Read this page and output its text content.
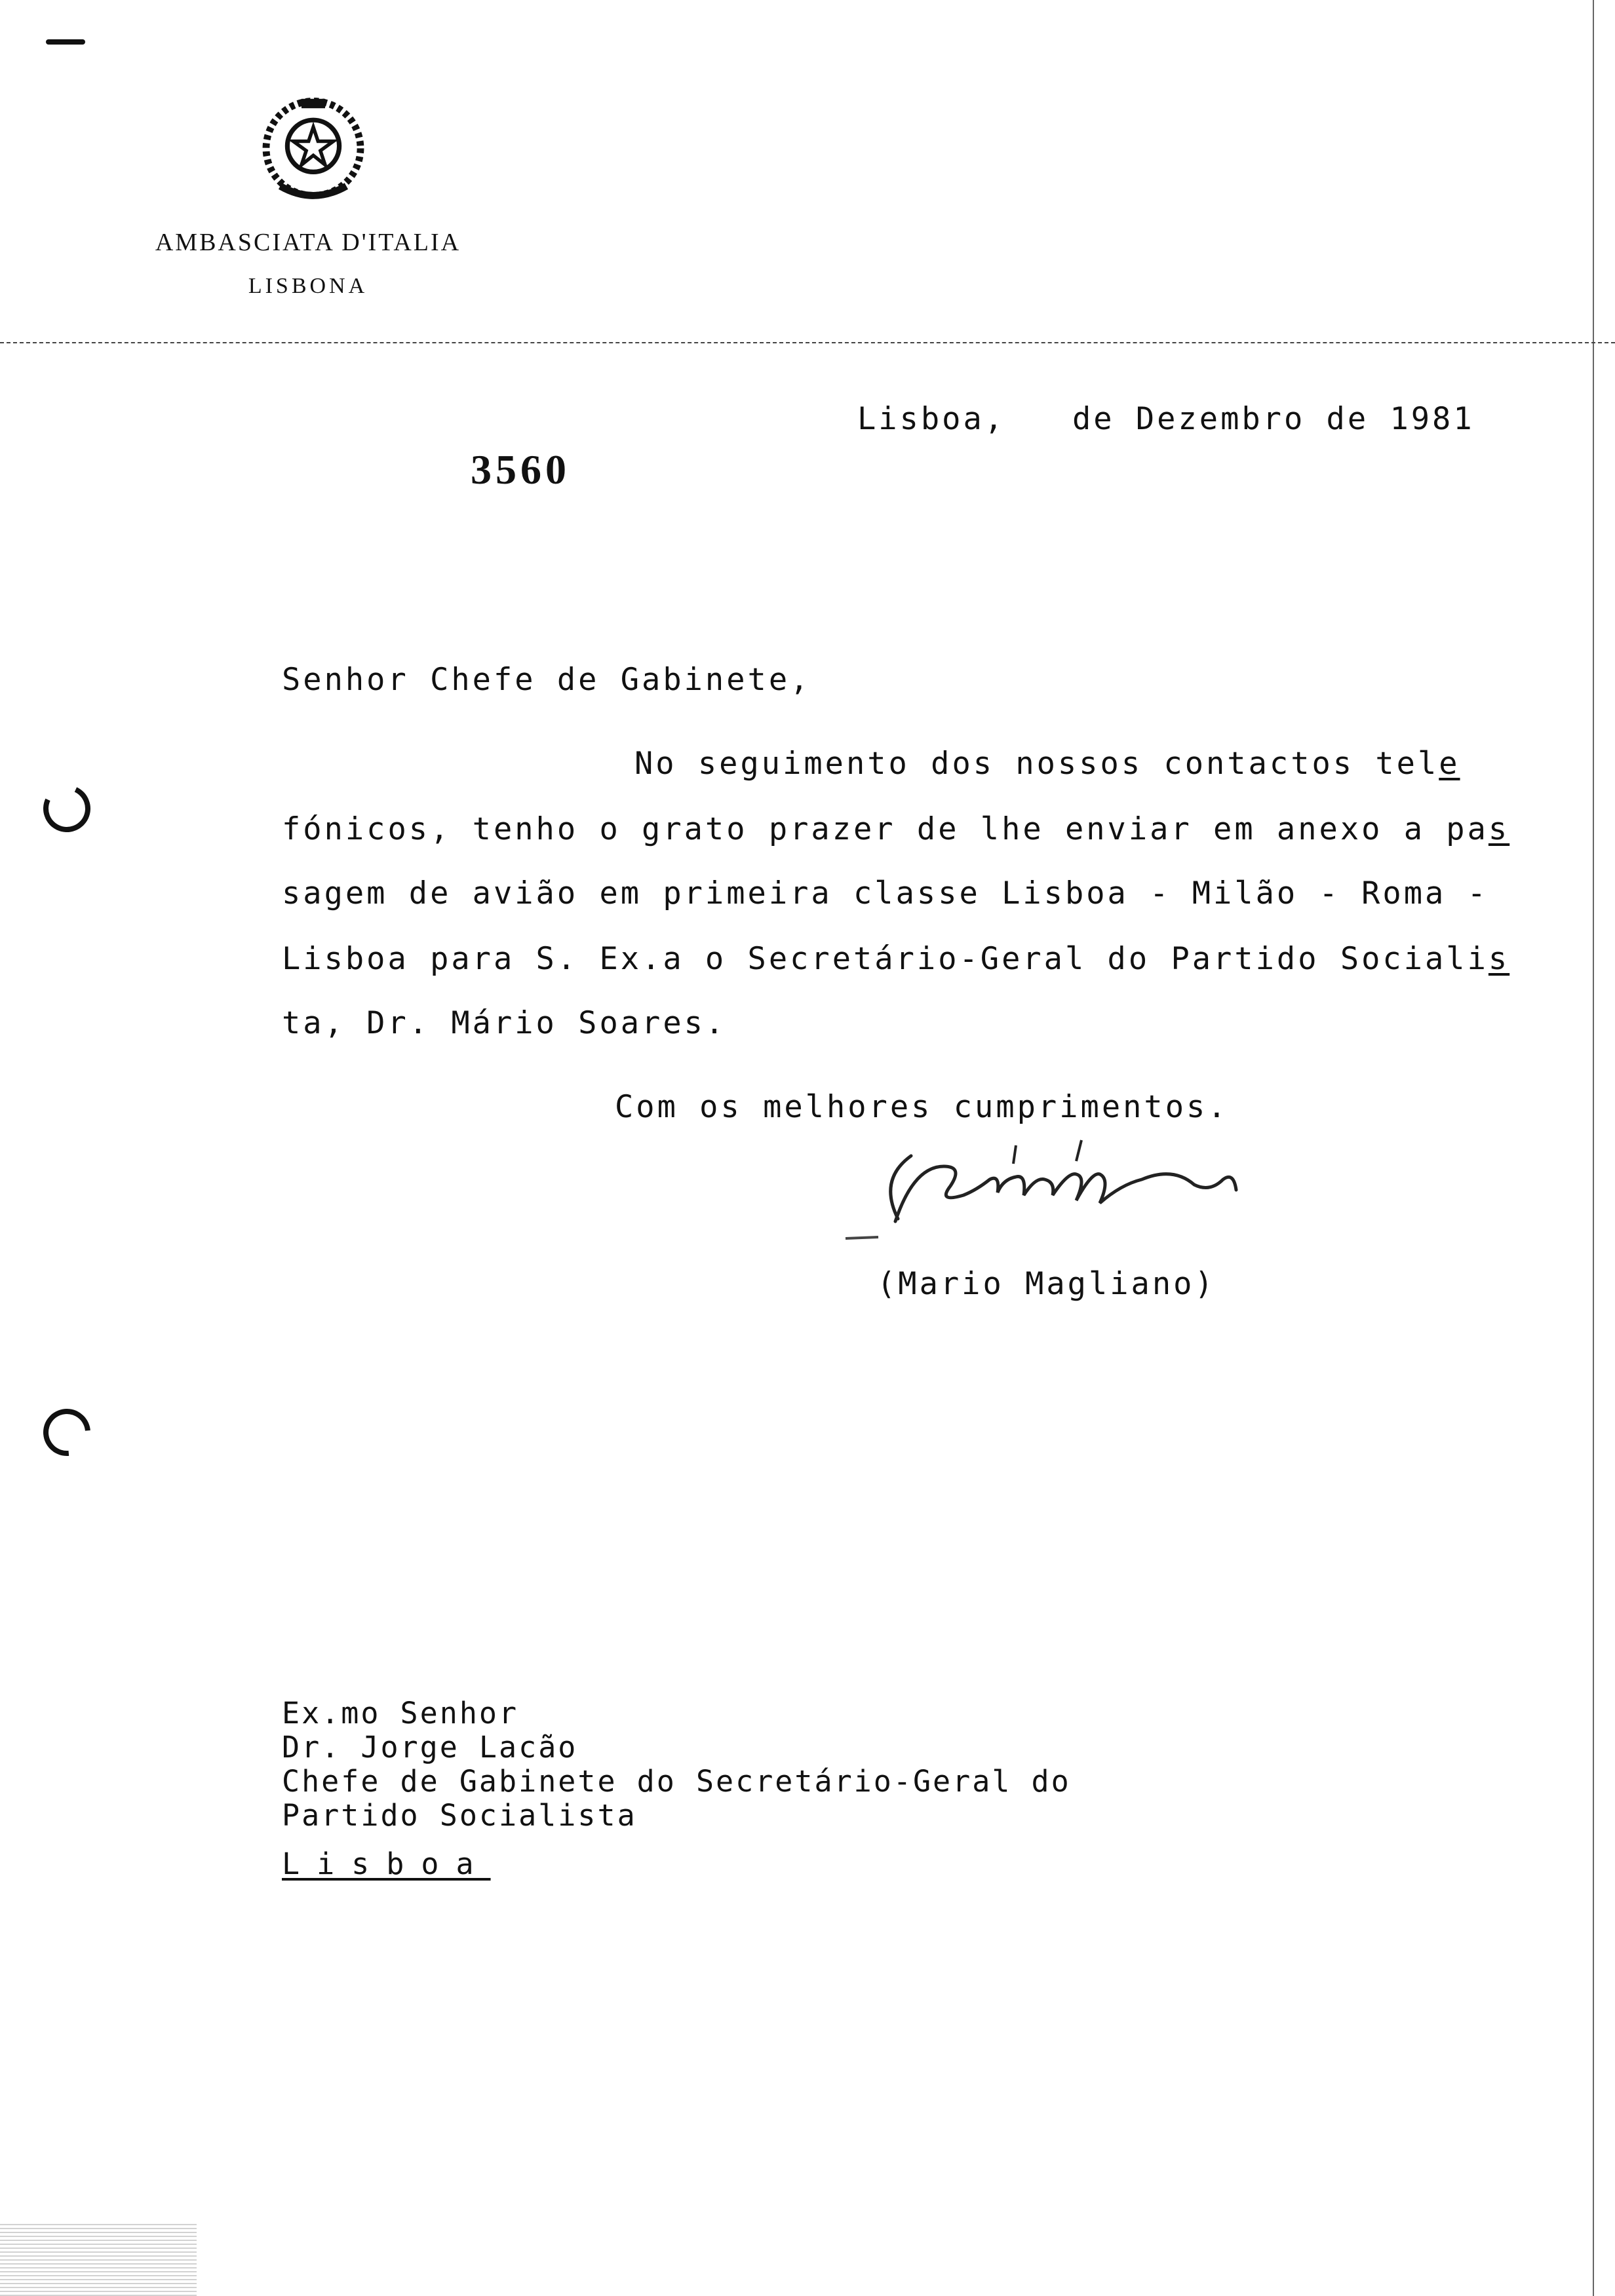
AMBASCIATA D'ITALIA
LISBONA
Lisboa, de Dezembro de 1981
3560
Senhor Chefe de Gabinete,
No seguimento dos nossos contactos tele
fónicos, tenho o grato prazer de lhe enviar em anexo a pas
sagem de avião em primeira classe Lisboa - Milão - Roma -
Lisboa para S. Ex.a o Secretário-Geral do Partido Socialis
ta, Dr. Mário Soares.
Com os melhores cumprimentos.
(Mario Magliano)
Ex.mo Senhor
Dr. Jorge Lacão
Chefe de Gabinete do Secretário-Geral do
Partido Socialista
Lisboa
